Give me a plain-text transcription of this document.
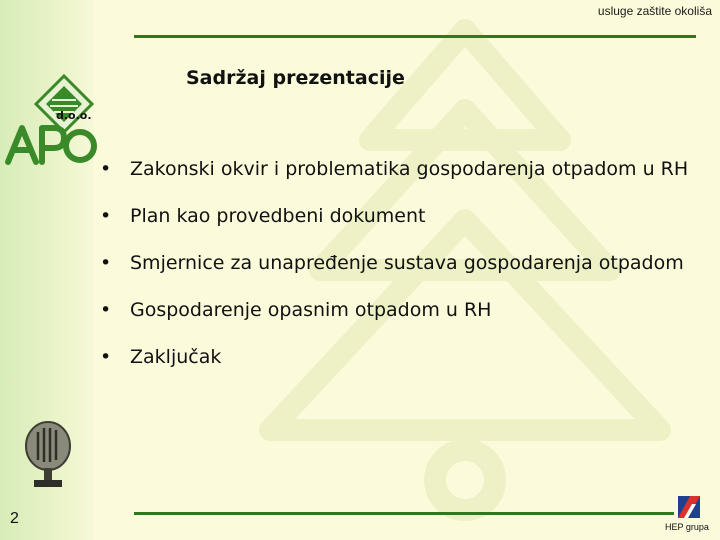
usluge zaštite okoliša
Sadržaj prezentacije
d.o.o.
• Zakonski okvir i problematika gospodarenja otpadom u RH
• Plan kao provedbeni dokument
• Smjernice za unapređenje sustava gospodarenja otpadom
• Gospodarenje opasnim otpadom u RH
• Zaključak
2	HEP grupa
